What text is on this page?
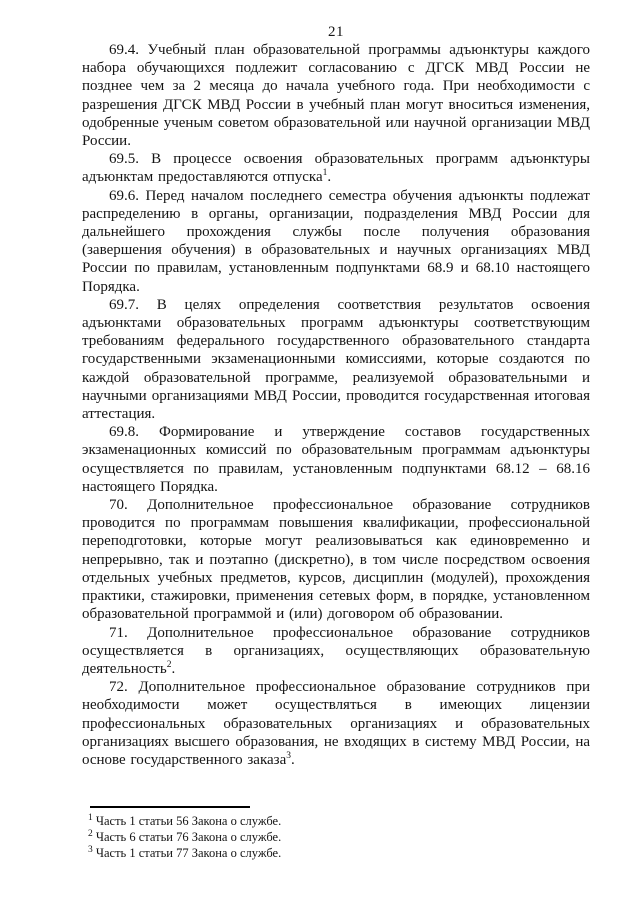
21

69.4. Учебный план образовательной программы адъюнктуры каждого набора обучающихся подлежит согласованию с ДГСК МВД России не позднее чем за 2 месяца до начала учебного года. При необходимости с разрешения ДГСК МВД России в учебный план могут вноситься изменения, одобренные ученым советом образовательной или научной организации МВД России.

69.5. В процессе освоения образовательных программ адъюнктуры адъюнктам предоставляются отпуска$^1$.

69.6. Перед началом последнего семестра обучения адъюнкты подлежат распределению в органы, организации, подразделения МВД России для дальнейшего прохождения службы после получения образования (завершения обучения) в образовательных и научных организациях МВД России по правилам, установленным подпунктами 68.9 и 68.10 настоящего Порядка.

69.7. В целях определения соответствия результатов освоения адъюнктами образовательных программ адъюнктуры соответствующим требованиям федерального государственного образовательного стандарта государственными экзаменационными комиссиями, которые создаются по каждой образовательной программе, реализуемой образовательными и научными организациями МВД России, проводится государственная итоговая аттестация.

69.8. Формирование и утверждение составов государственных экзаменационных комиссий по образовательным программам адъюнктуры осуществляется по правилам, установленным подпунктами 68.12 – 68.16 настоящего Порядка.

70. Дополнительное профессиональное образование сотрудников проводится по программам повышения квалификации, профессиональной переподготовки, которые могут реализовываться как единовременно и непрерывно, так и поэтапно (дискретно), в том числе посредством освоения отдельных учебных предметов, курсов, дисциплин (модулей), прохождения практики, стажировки, применения сетевых форм, в порядке, установленном образовательной программой и (или) договором об образовании.

71. Дополнительное профессиональное образование сотрудников осуществляется в организациях, осуществляющих образовательную деятельность$^2$.

72. Дополнительное профессиональное образование сотрудников при необходимости может осуществляться в имеющих лицензии профессиональных образовательных организациях и образовательных организациях высшего образования, не входящих в систему МВД России, на основе государственного заказа$^3$.

$^1$ Часть 1 статьи 56 Закона о службе.

$^2$ Часть 6 статьи 76 Закона о службе.

$^3$ Часть 1 статьи 77 Закона о службе.
